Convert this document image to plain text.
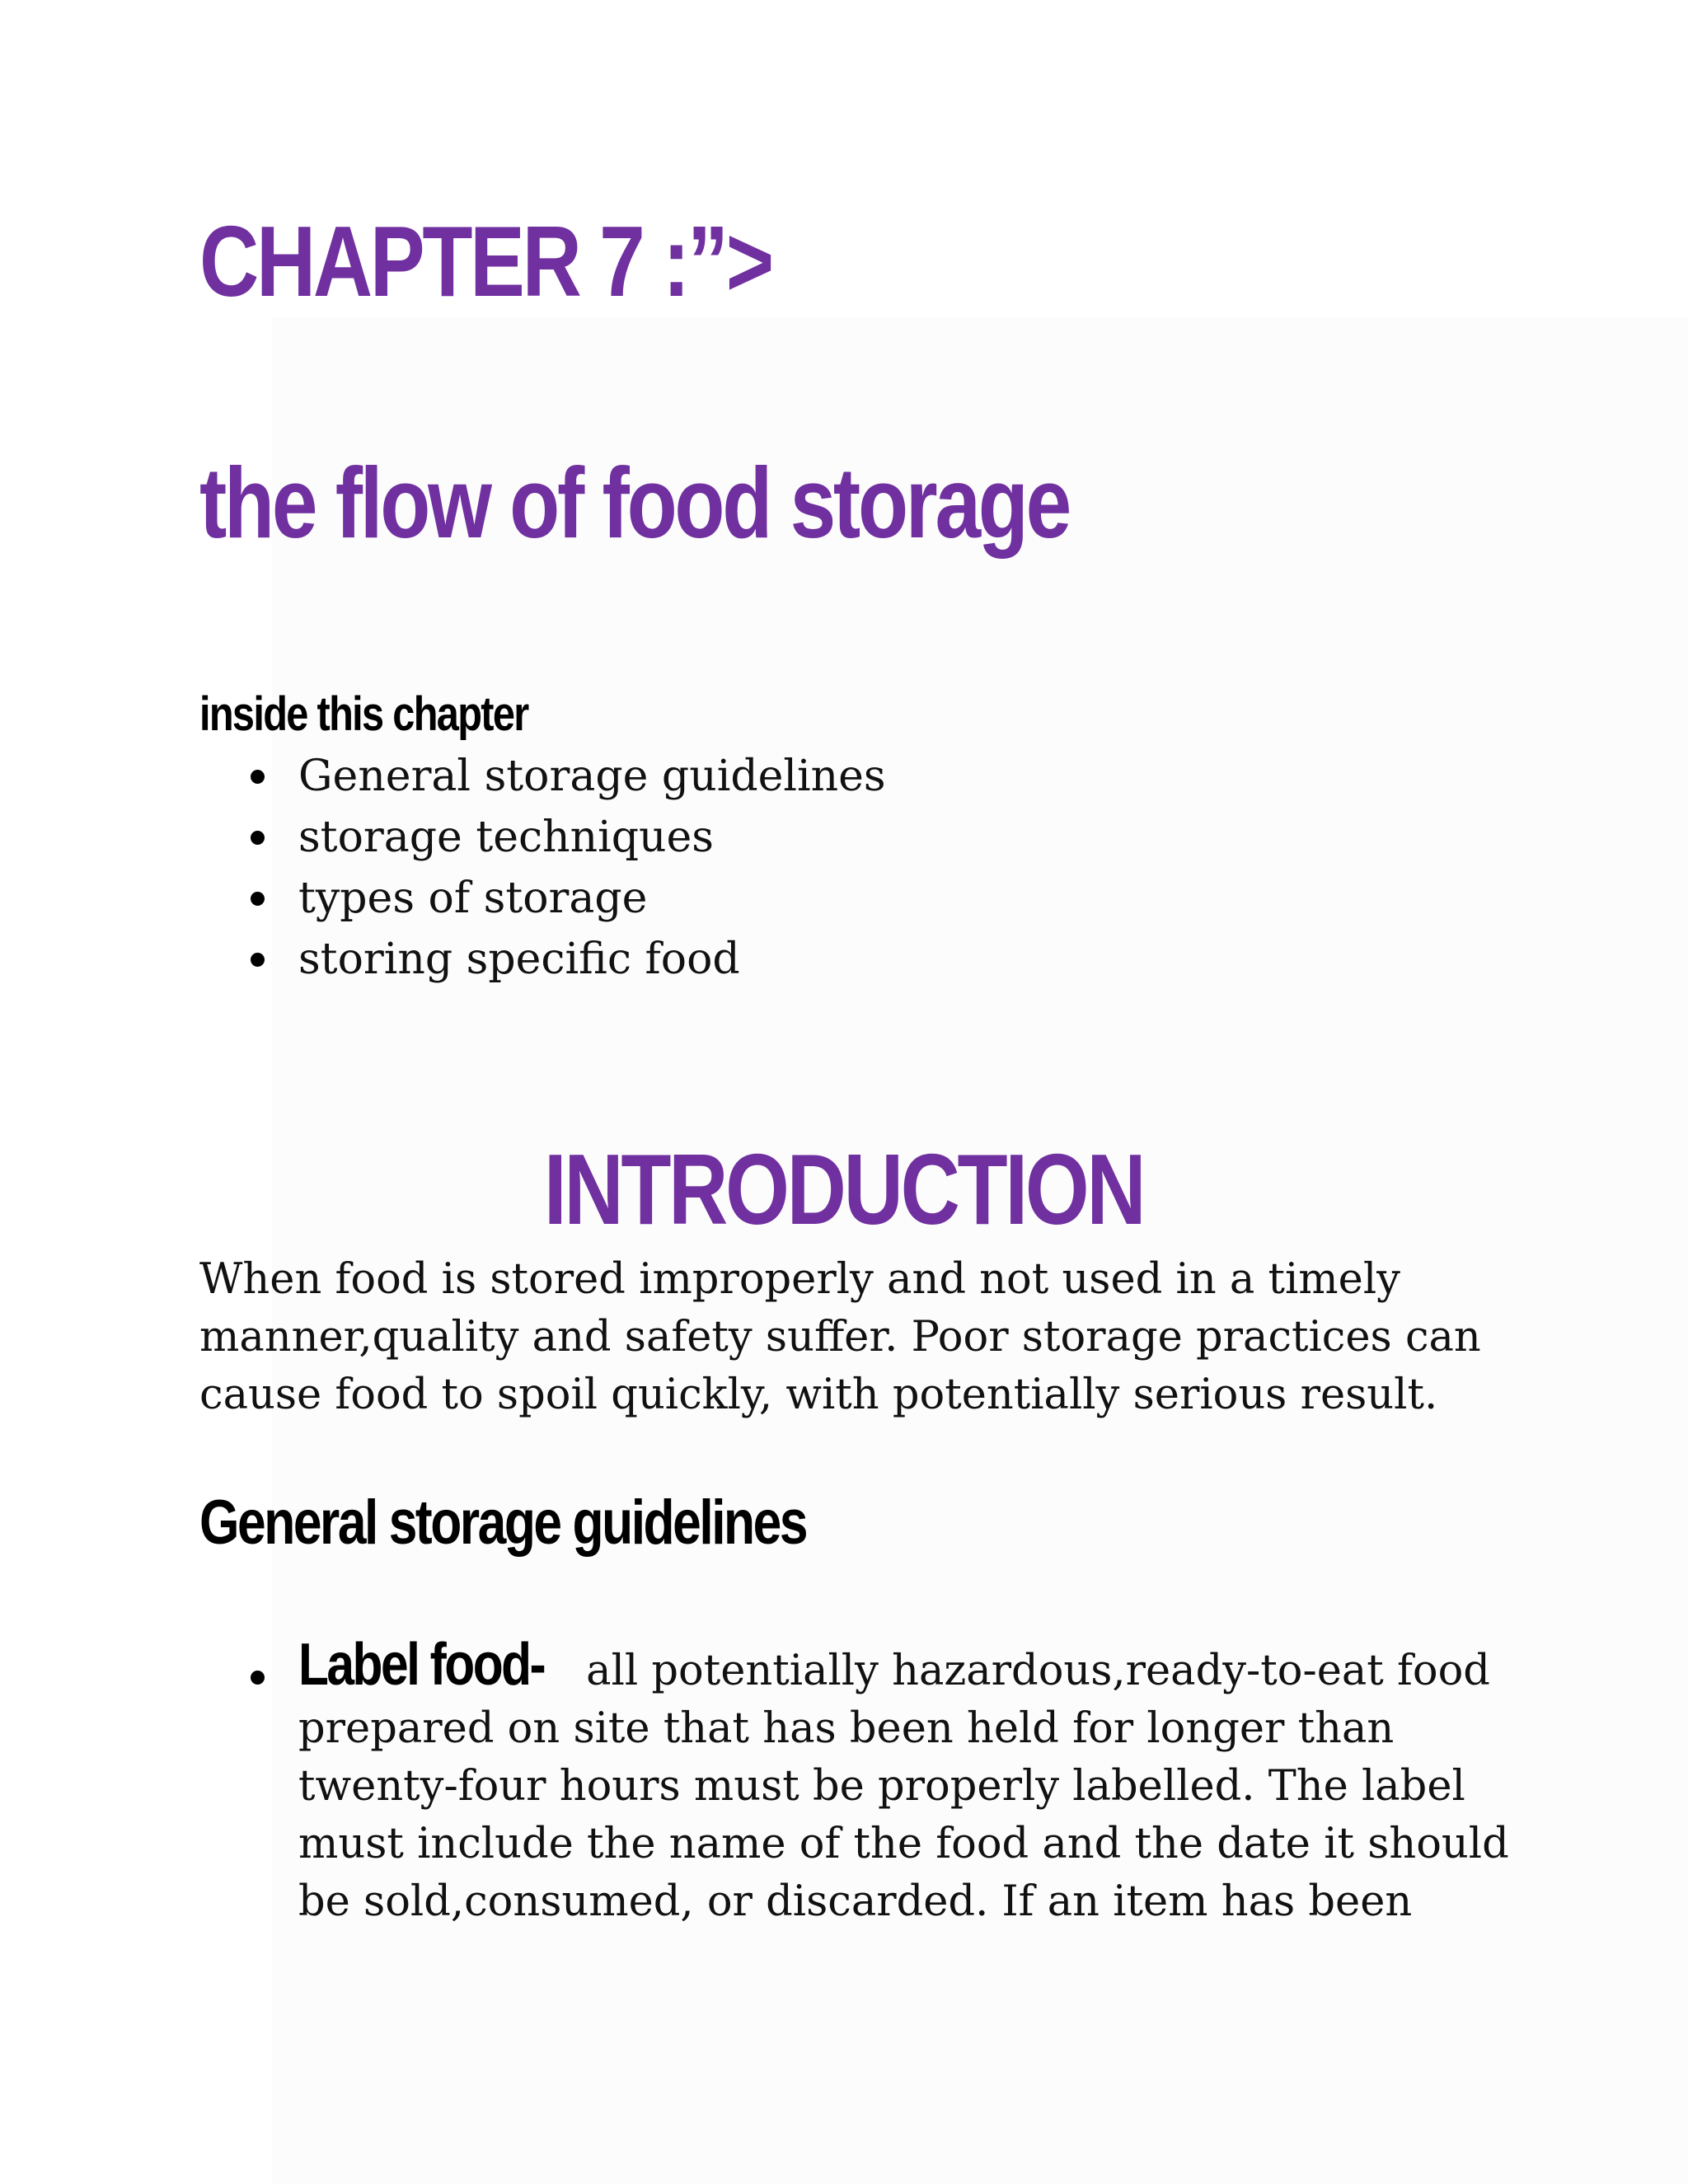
CHAPTER 7 :”>
the flow of food storage
inside this chapter
General storage guidelines
storage techniques
types of storage
storing specific food
INTRODUCTION

When food is stored improperly and not used in a timely
manner,quality and safety suffer. Poor storage practices can
cause food to spoil quickly, with potentially serious result.

General storage guidelines
Label food- all potentially hazardous,ready-to-eat food
prepared on site that has been held for longer than
twenty-four hours must be properly labelled. The label
must include the name of the food and the date it should
be sold,consumed, or discarded. If an item has been
